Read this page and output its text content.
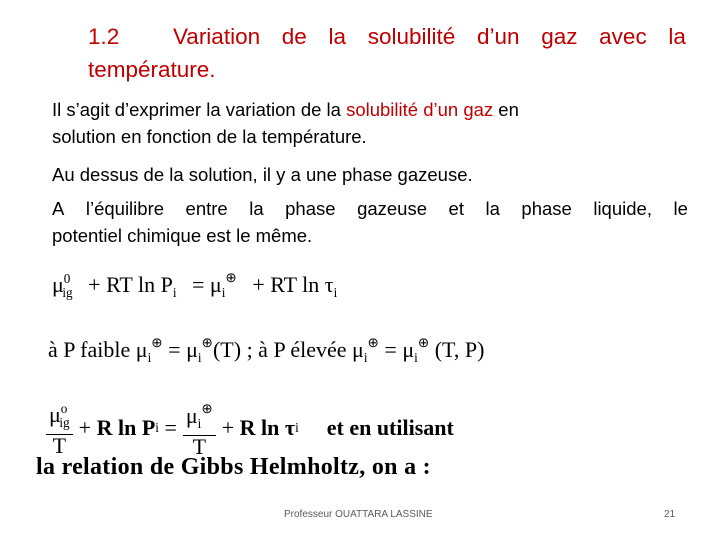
1.2 Variation de la solubilité d’un gaz avec la
température.
Il s’agit d’exprimer la variation de la solubilité d’un gaz en
solution en fonction de la température.
Au dessus de la solution, il y a une phase gazeuse.
A l’équilibre entre la phase gazeuse et la phase liquide, le
potentiel chimique est le même.
$\mu^0_{ig}$ + RT $\ln P_i = \mu_i^\oplus$ + RT $\ln \tau_i$
à P faible $\mu_i^\oplus = \mu_i^\oplus(T)$ ; à P élevée $\mu_i^\oplus = \mu_i^\oplus$ (T, P)
$\frac{\mu^o_{ig}}{T}$ +
R ln P i
= $\frac{\mu_i^\oplus}{T}$ +
R ln τ i et en utilisant
la relation de Gibbs Helmholtz, on a :
Professeur OUATTARA LASSINE	21
